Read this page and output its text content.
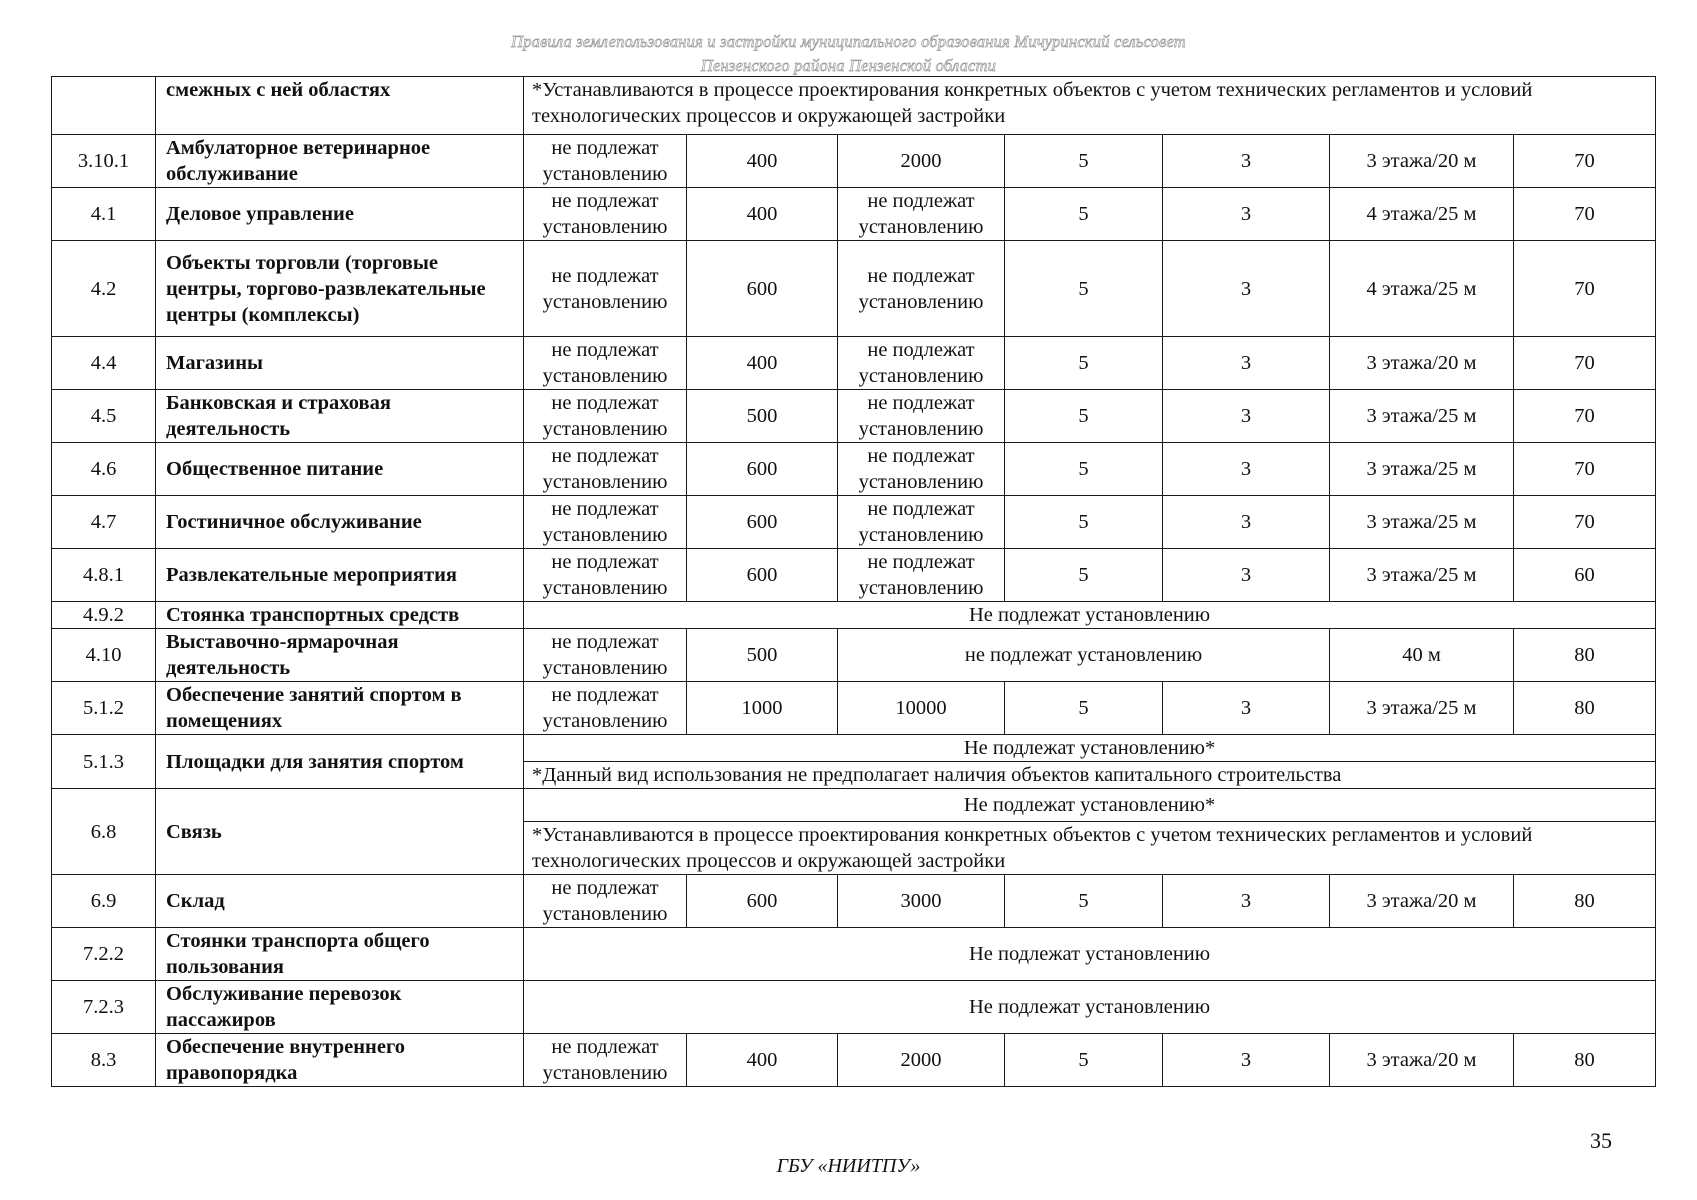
Правила землепользования и застройки муниципального образования Мичуринский сельсовет
Пензенского района Пензенской области
	смежных с ней областях	*Устанавливаются в процессе проектирования конкретных объектов с учетом технических регламентов и условий технологических процессов и окружающей застройки						
3.10.1	Амбулаторное ветеринарное обслуживание	не подлежат установлению	400	2000	5	3	3 этажа/20 м	70
4.1	Деловое управление	не подлежат установлению	400	не подлежат установлению	5	3	4 этажа/25 м	70
4.2	Объекты торговли (торговые центры, торгово-развлекательные центры (комплексы)	не подлежат установлению	600	не подлежат установлению	5	3	4 этажа/25 м	70
4.4	Магазины	не подлежат установлению	400	не подлежат установлению	5	3	3 этажа/20 м	70
4.5	Банковская и страховая деятельность	не подлежат установлению	500	не подлежат установлению	5	3	3 этажа/25 м	70
4.6	Общественное питание	не подлежат установлению	600	не подлежат установлению	5	3	3 этажа/25 м	70
4.7	Гостиничное обслуживание	не подлежат установлению	600	не подлежат установлению	5	3	3 этажа/25 м	70
4.8.1	Развлекательные мероприятия	не подлежат установлению	600	не подлежат установлению	5	3	3 этажа/25 м	60
4.9.2	Стоянка транспортных средств	Не подлежат установлению						
4.10	Выставочно-ярмарочная деятельность	не подлежат установлению	500	не подлежат установлению			40 м	80
5.1.2	Обеспечение занятий спортом в помещениях	не подлежат установлению	1000	10000	5	3	3 этажа/25 м	80
5.1.3	Площадки для занятия спортом	Не подлежат установлению*						
		*Данный вид использования не предполагает наличия объектов капитального строительства						
6.8	Связь	Не подлежат установлению*						
		*Устанавливаются в процессе проектирования конкретных объектов с учетом технических регламентов и условий технологических процессов и окружающей застройки						
6.9	Склад	не подлежат установлению	600	3000	5	3	3 этажа/20 м	80
7.2.2	Стоянки транспорта общего пользования	Не подлежат установлению						
7.2.3	Обслуживание перевозок пассажиров	Не подлежат установлению						
8.3	Обеспечение внутреннего правопорядка	не подлежат установлению	400	2000	5	3	3 этажа/20 м	80
35
ГБУ «НИИТПУ»
